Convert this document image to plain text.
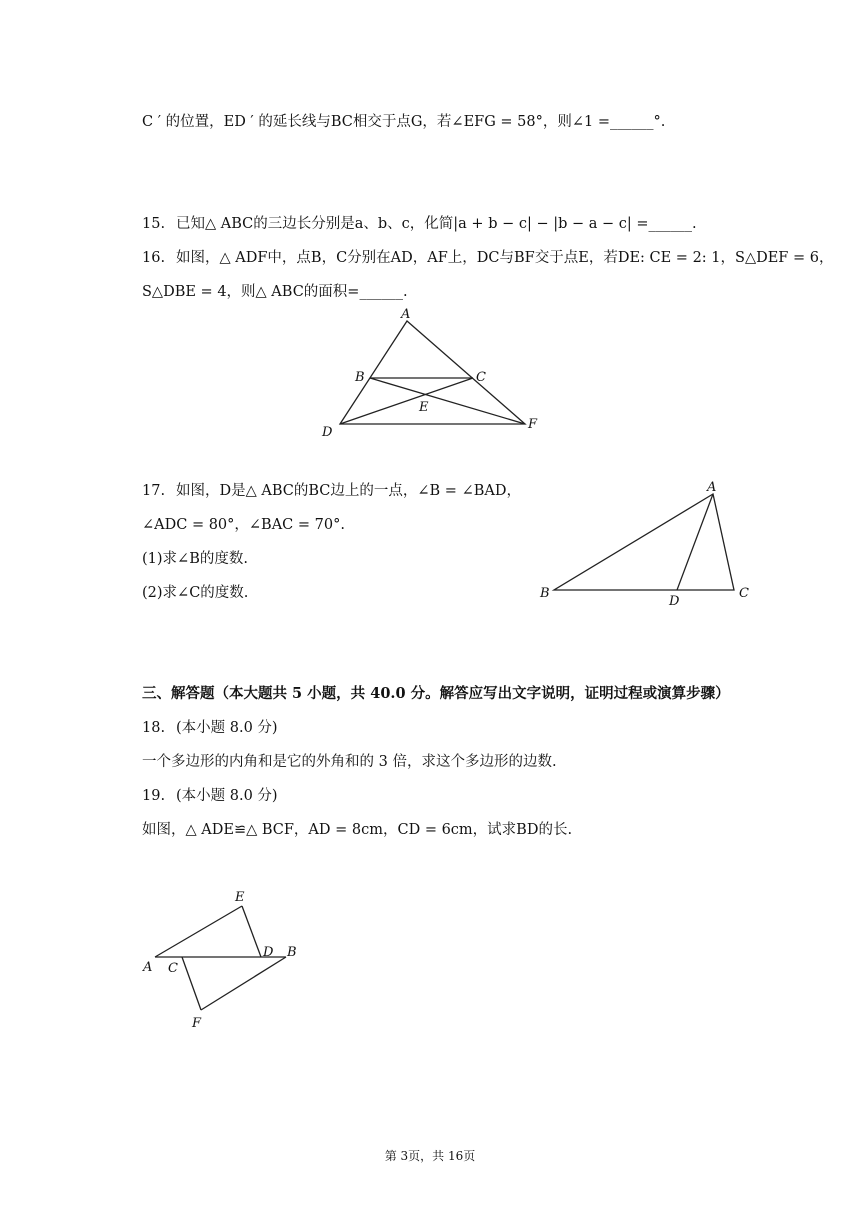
C ′ 的位置，ED ′ 的延长线与BC相交于点G，若∠EFG = 58°，则∠1 =______°.
15. 已知△ ABC的三边长分别是a、b、c，化简|a + b − c| − |b − a − c| =______.
16. 如图，△ ADF中，点B，C分别在AD，AF上，DC与BF交于点E，若DE: CE = 2: 1，S△DEF = 6，
S△DBE = 4，则△ ABC的面积=______.
A
B	C
E
D
F
17. 如图，D是△ ABC的BC边上的一点，∠B = ∠BAD，
∠ADC = 80°，∠BAC = 70°.
(1)求∠B的度数.
(2)求∠C的度数.
A
B
D
C
三、解答题（本大题共 5 小题，共 40.0 分。解答应写出文字说明，证明过程或演算步骤）
18. (本小题 8.0 分)
一个多边形的内角和是它的外角和的 3 倍，求这个多边形的边数.
19. (本小题 8.0 分)
如图，△ ADE≌△ BCF，AD = 8cm，CD = 6cm，试求BD的长.
E
A C
D B
F
第 3页，共 16页
